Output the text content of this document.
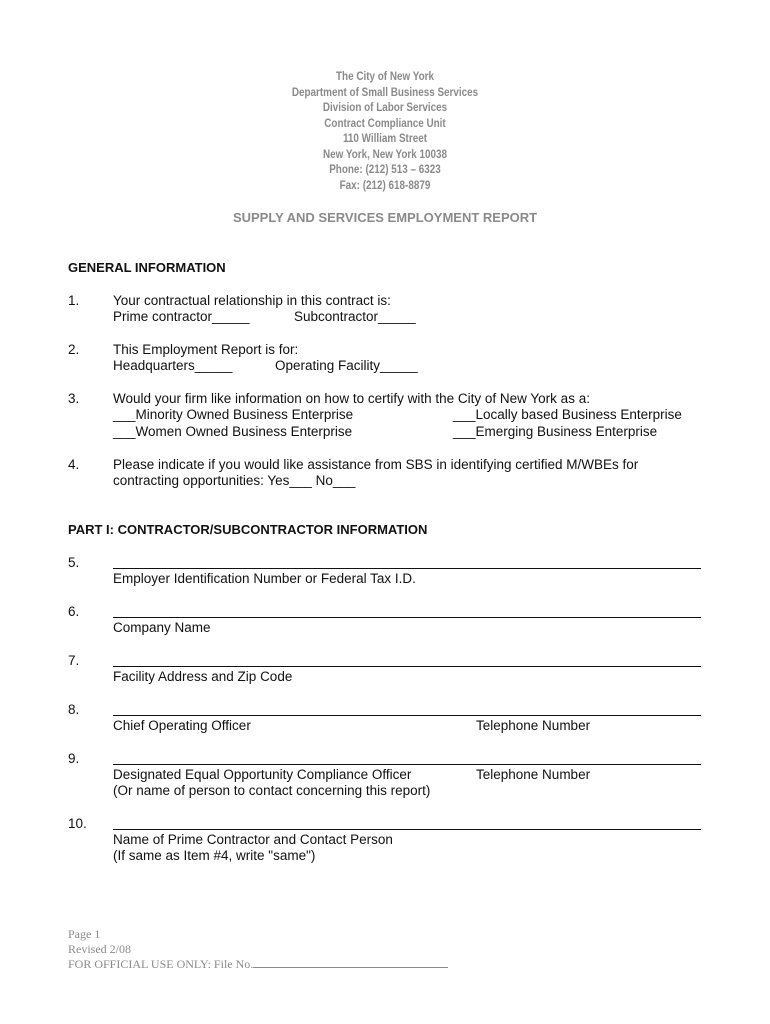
The City of New York
Department of Small Business Services
Division of Labor Services
Contract Compliance Unit
110 William Street
New York, New York 10038
Phone: (212) 513 – 6323
Fax: (212) 618-8879
SUPPLY AND SERVICES EMPLOYMENT REPORT
GENERAL INFORMATION
1. Your contractual relationship in this contract is:
Prime contractor_____	Subcontractor_____
2. This Employment Report is for:
Headquarters_____	Operating Facility_____
3. Would your firm like information on how to certify with the City of New York as a:
___Minority Owned Business Enterprise	___Locally based Business Enterprise
___Women Owned Business Enterprise	___Emerging Business Enterprise
4. Please indicate if you would like assistance from SBS in identifying certified M/WBEs for
contracting opportunities: Yes___ No___
PART I: CONTRACTOR/SUBCONTRACTOR INFORMATION
5.
Employer Identification Number or Federal Tax I.D.
6.
Company Name
7.
Facility Address and Zip Code
8.
Chief Operating Officer	Telephone Number
9.
Designated Equal Opportunity Compliance Officer	Telephone Number
(Or name of person to contact concerning this report)
10.
Name of Prime Contractor and Contact Person
(If same as Item #4, write "same")
Page 1
Revised 2/08
FOR OFFICIAL USE ONLY: File No.
